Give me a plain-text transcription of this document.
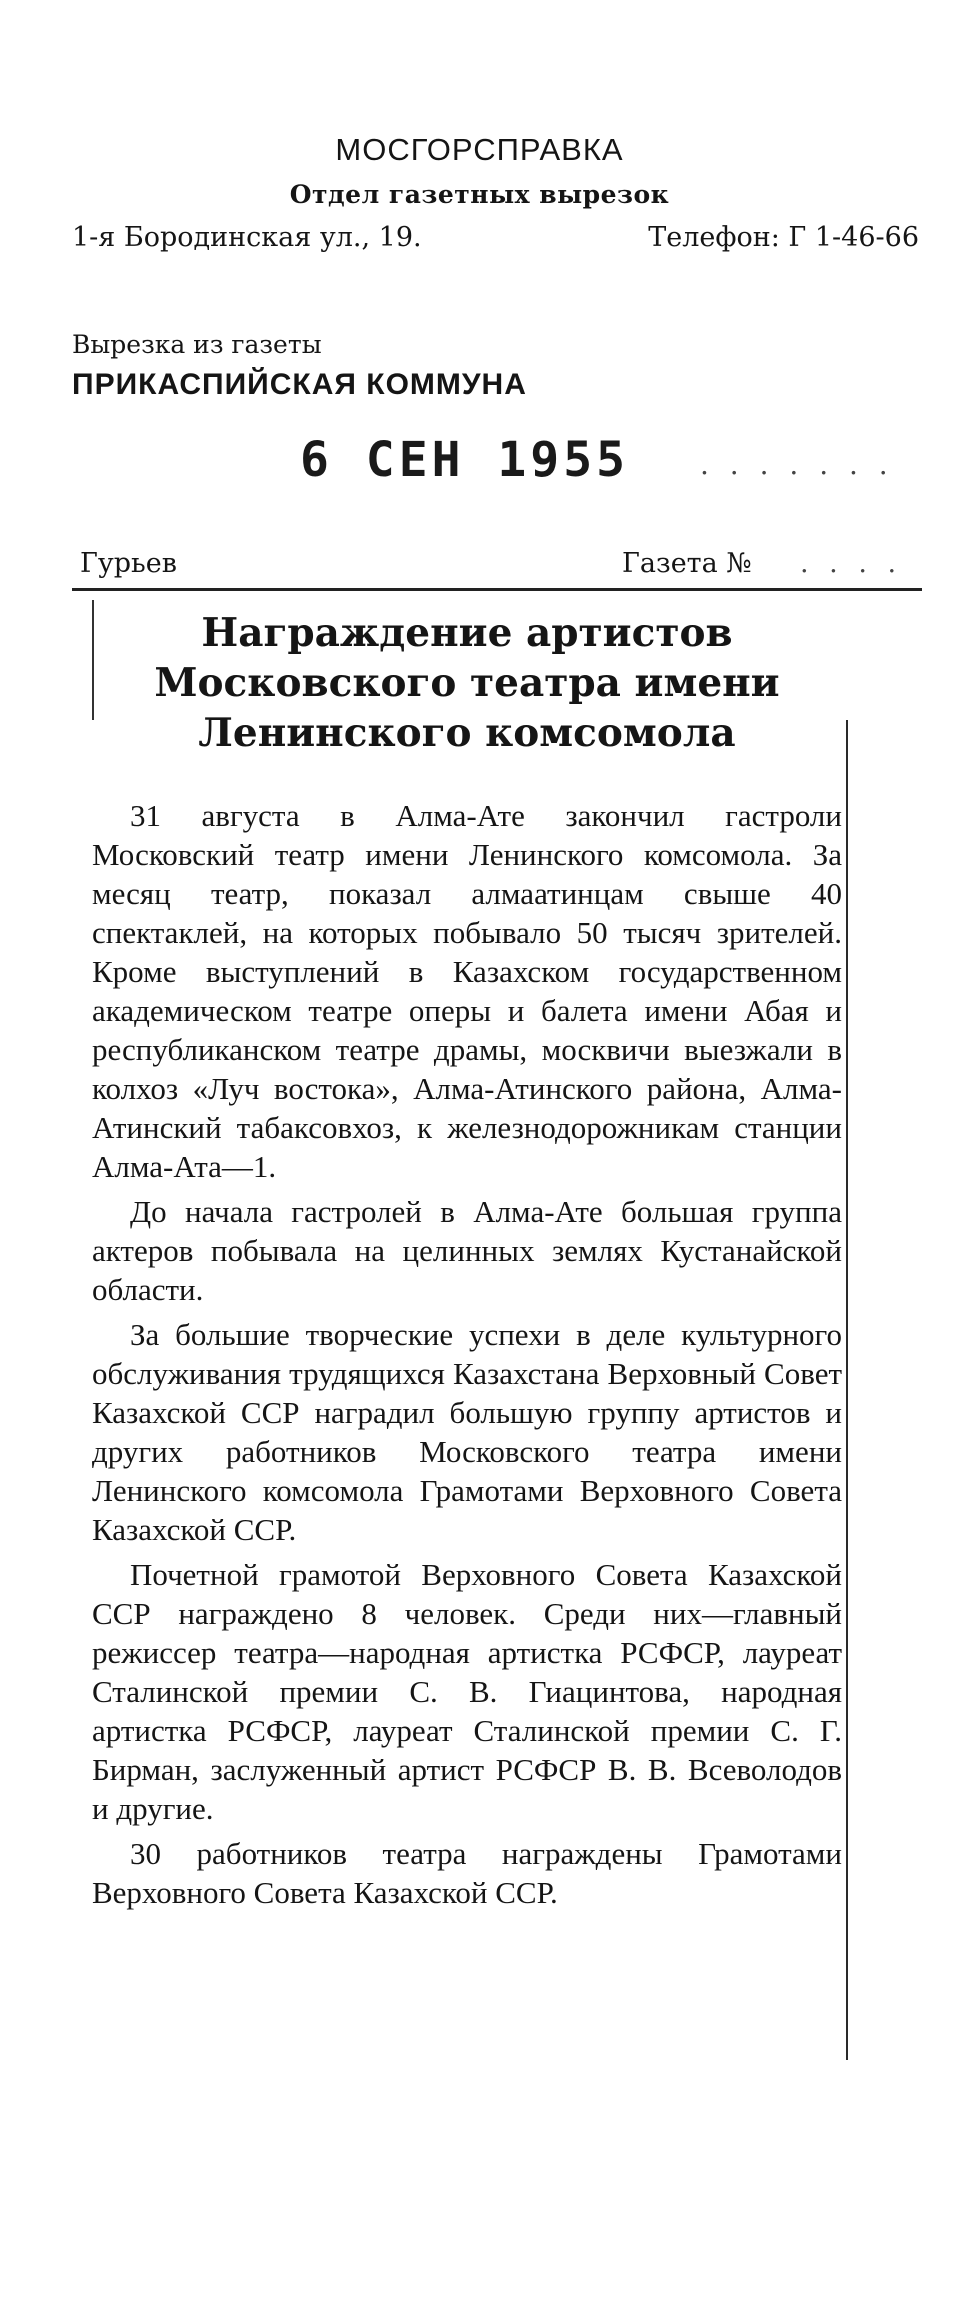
МОСГОРСПРАВКА
Отдел газетных вырезок
1-я Бородинская ул., 19.	Телефон: Г 1-46-66
Вырезка из газеты
ПРИКАСПИЙСКАЯ КОММУНА
6 СЕН 1955	. . . . . . .
Гурьев	Газета № . . . .
Награждение артистов Московского театра имени Ленинского комсомола

31 августа в Алма-Ате закончил гастроли Московский театр имени Ленинского комсомола. За месяц театр, показал алмаатинцам свыше 40 спектаклей, на которых побывало 50 тысяч зрителей. Кроме выступлений в Казахском государственном академическом театре оперы и балета имени Абая и республиканском театре драмы, москвичи выезжали в колхоз «Луч востока», Алма-Атинского района, Алма-Атинский табаксовхоз, к железнодорожникам станции Алма-Ата—1.

До начала гастролей в Алма-Ате большая группа актеров побывала на целинных землях Кустанайской области.

За большие творческие успехи в деле культурного обслуживания трудящихся Казахстана Верховный Совет Казахской ССР наградил большую группу артистов и других работников Московского театра имени Ленинского комсомола Грамотами Верховного Совета Казахской ССР.

Почетной грамотой Верховного Совета Казахской ССР награждено 8 человек. Среди них—главный режиссер театра—народная артистка РСФСР, лауреат Сталинской премии С. В. Гиацинтова, народная артистка РСФСР, лауреат Сталинской премии С. Г. Бирман, заслуженный артист РСФСР В. В. Всеволодов и другие.

30 работников театра награждены Грамотами Верховного Совета Казахской ССР.
